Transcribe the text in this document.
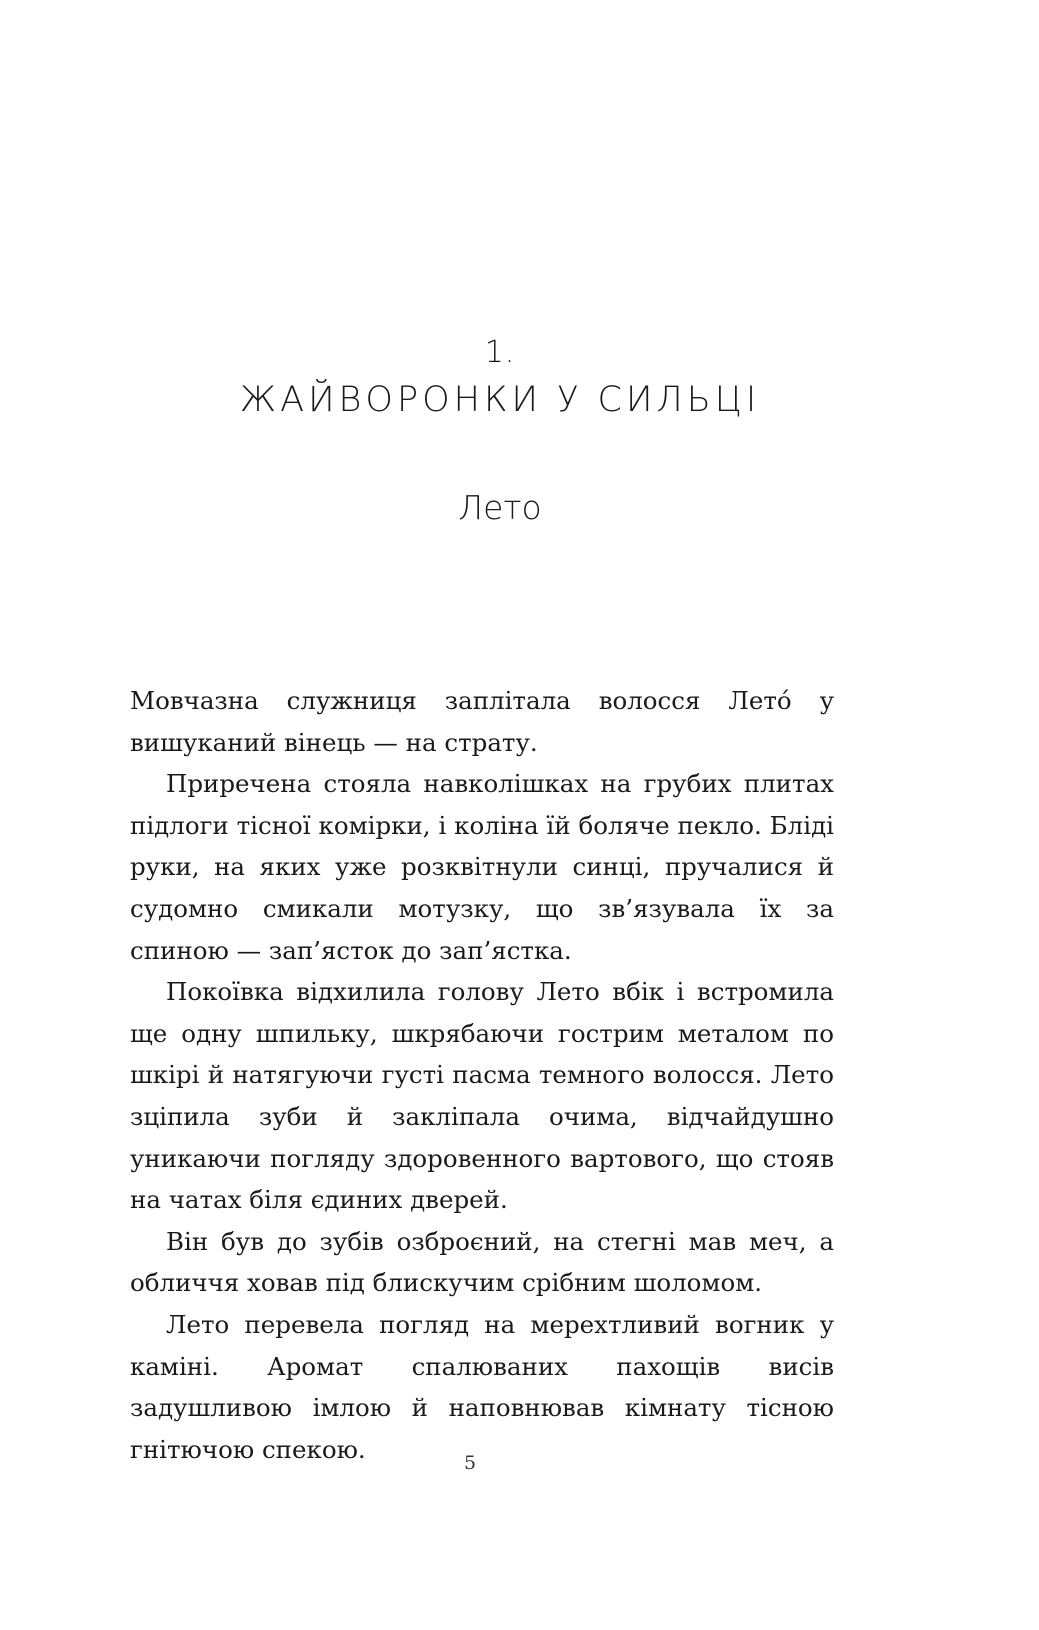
1.
ЖАЙВОРОНКИ У СИЛЬЦІ
Лето

Мовчазна служниця заплітала волосся Лето́ у вишуканий вінець — на страту.

Приречена стояла навколішках на грубих плитах підлоги тісної комірки, і коліна їй боляче пекло. Бліді руки, на яких уже розквітнули синці, пручалися й судомно смикали мотузку, що зв’язувала їх за спиною — зап’ясток до зап’ястка.

Покоївка відхилила голову Лето вбік і встромила ще одну шпильку, шкрябаючи гострим металом по шкірі й натягуючи густі пасма темного волосся. Лето зціпила зуби й закліпала очима, відчайдушно уникаючи погляду здоровенного вартового, що стояв на чатах біля єдиних дверей.

Він був до зубів озброєний, на стегні мав меч, а обличчя ховав під блискучим срібним шоломом.

Лето перевела погляд на мерехтливий вогник у каміні. Аромат спалюваних пахощів висів задушливою імлою й наповнював кімнату тісною гнітючою спекою.	5
